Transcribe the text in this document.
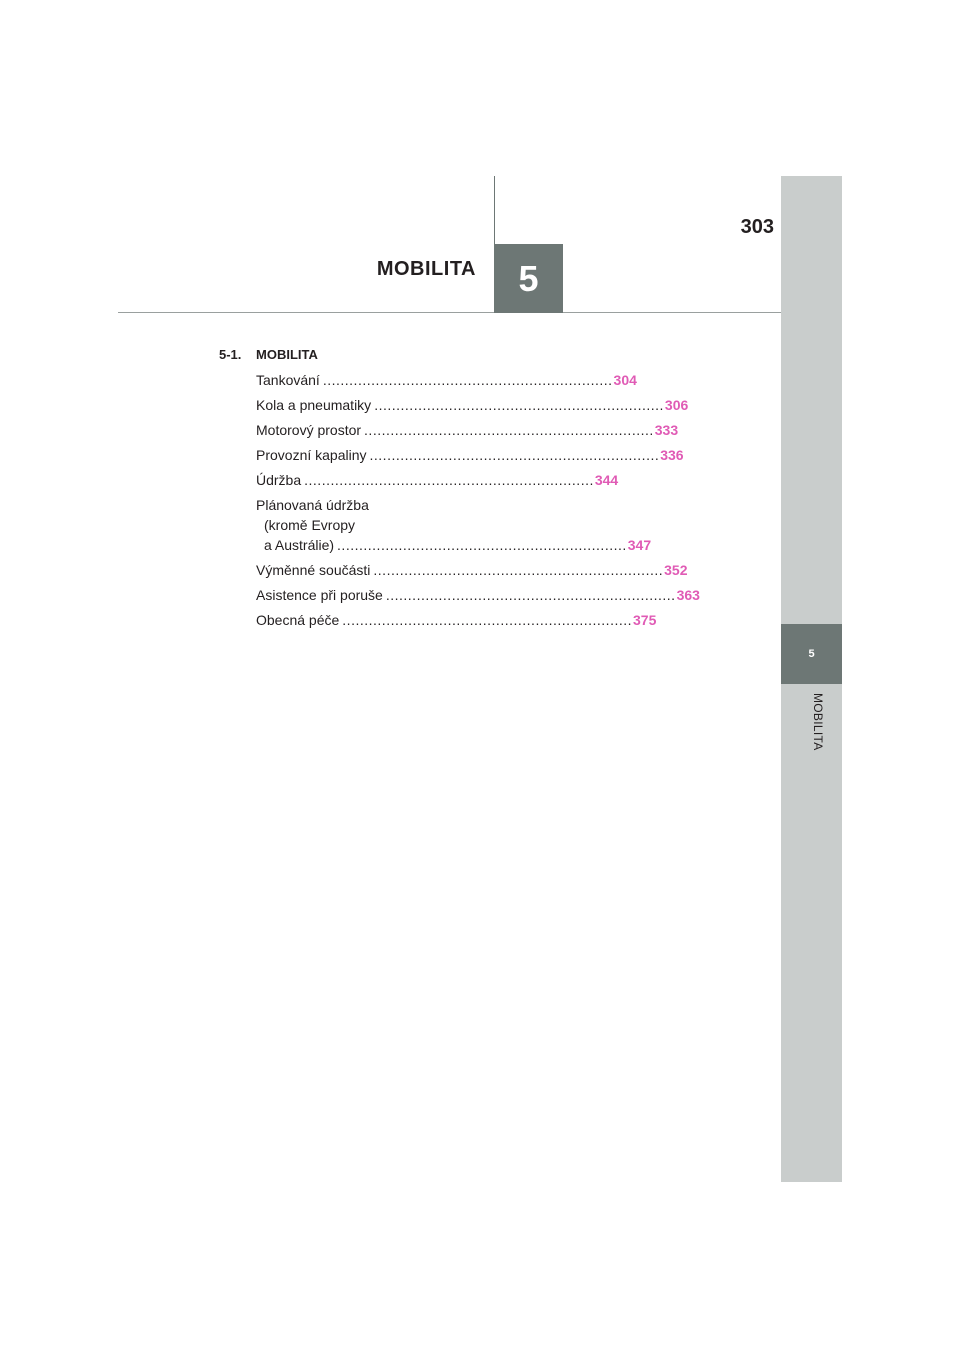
5
MOBILITA
303
MOBILITA 5
5-1. MOBILITA
Tankování .................................................................. 304
Kola a pneumatiky .................................................................. 306
Motorový prostor .................................................................. 333
Provozní kapaliny .................................................................. 336
Údržba .................................................................. 344
Plánovaná údržba
(kromě Evropy
a Austrálie) .................................................................. 347
Výměnné součásti .................................................................. 352
Asistence při poruše .................................................................. 363
Obecná péče .................................................................. 375
